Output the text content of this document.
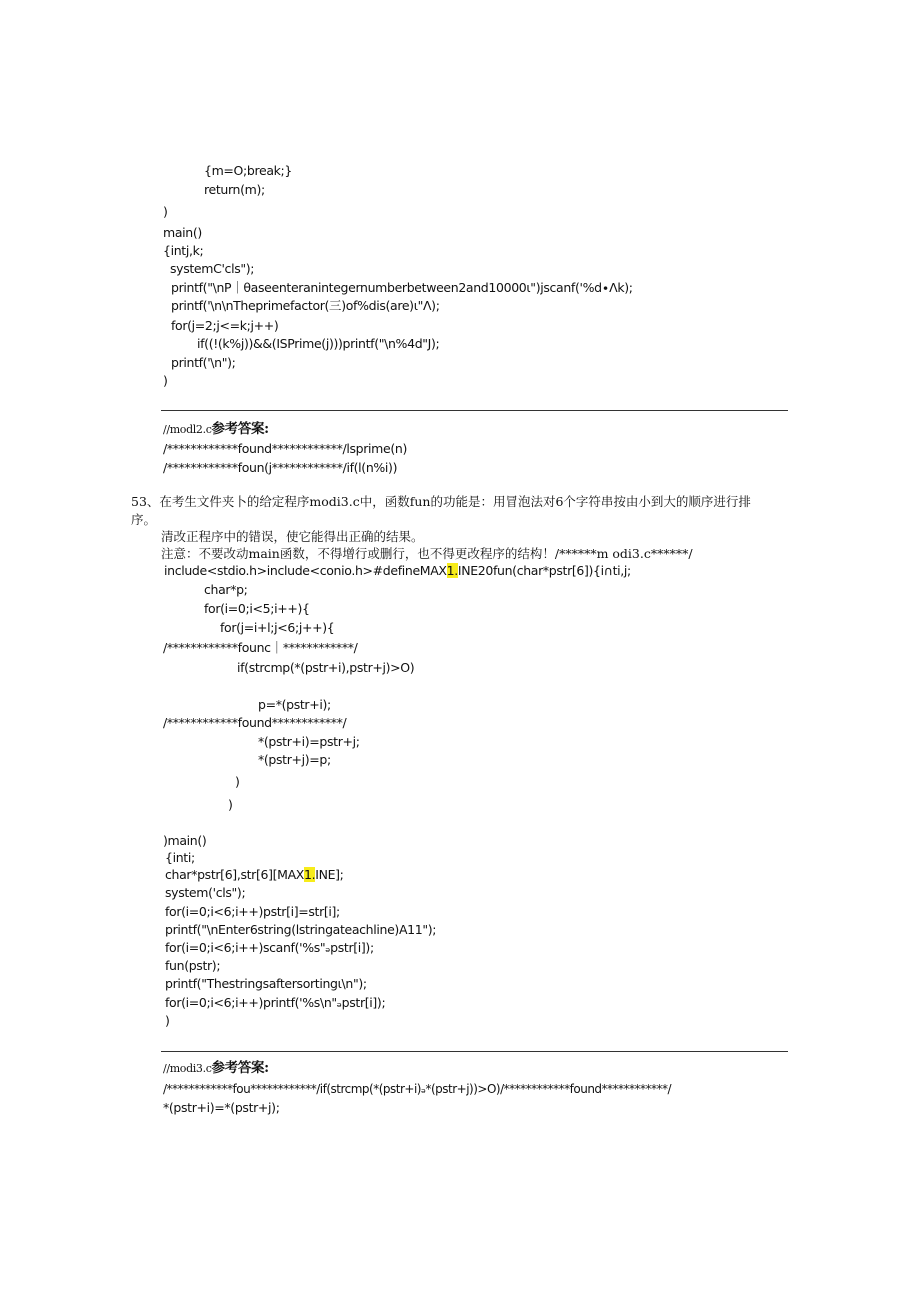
{m=O;break;}
return(m);
)
main()
{intj,k;
systemC'cls");
printf("\nP｜θaseenteranintegernumberbetween2and10000ι")jscanf('%d∙Λk);
printf('\n\nTheprimefactor(三)of%dis(are)ι"Λ);
for(j=2;j<=k;j++)
if((!(k%j))&&(ISPrime(j)))printf("\n%4d"J);
printf('\n");
)
//modl2.c参考答案:
/************found************/lsprime(n)
/************foun(j************/if(l(n%i))
53、在考生文件夹卜的给定程序modi3.c中，函数fun的功能是：用冒泡法对6个字符串按由小到大的顺序进行排
序。
清改正程序中的错误，使它能得出正确的结果。
注意：不要改动main函数，不得增行或删行，也不得更改程序的结构！/******m odi3.c******/
include<stdio.h>include<conio.h>#defineMAX1.INE20fun(char*pstr[6]){i∩ti,j;
char*p;
for(i=0;i<5;i++){
for(j=i+l;j<6;j++){
/************founc｜************/
if(strcmp(*(pstr+i),pstr+j)>O)
p=*(pstr+i);
/************found************/
*(pstr+i)=pstr+j;
*(pstr+j)=p;
)
)
)main()
{inti;
char*pstr[6],str[6][MAX1.INE];
system('cls");
for(i=0;i<6;i++)pstr[i]=str[i];
printf("\nEnter6string(lstringateachline)A11");
for(i=0;i<6;i++)scanf('%s"ₔpstr[i]);
fun(pstr);
printf("Thestringsaftersortingι\n");
for(i=0;i<6;i++)printf('%s\n"ₔpstr[i]);
)
//modi3.c参考答案:
/************fou************/if(strcmp(*(pstr+i)ₔ*(pstr+j))>O)/************found************/
*(pstr+i)=*(pstr+j);
